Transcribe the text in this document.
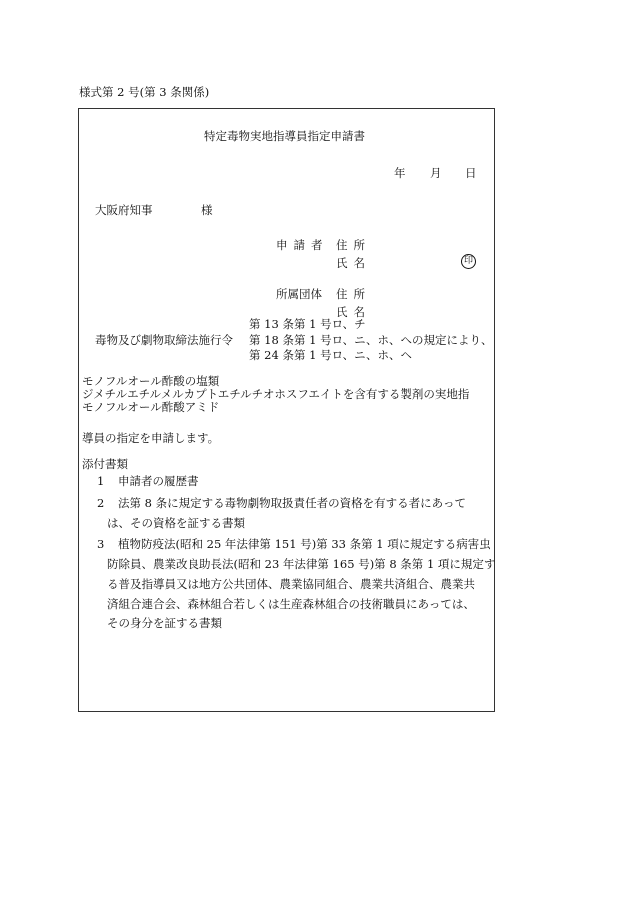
様式第 2 号(第 3 条関係)
特定毒物実地指導員指定申請書
年 月 日
大阪府知事	様
申請者 住所
氏名	印
所属団体 住所
氏名
毒物及び劇物取締法施行令
第 13 条第 1 号ロ、チ
第 18 条第 1 号ロ、ニ、ホ、への規定により、
第 24 条第 1 号ロ、ニ、ホ、ヘ
モノフルオール酢酸の塩類
ジメチルエチルメルカプトエチルチオホスフエイトを含有する製剤の実地指
モノフルオール酢酸アミド
導員の指定を申請します。
添付書類
1 申請者の履歴書
2 法第 8 条に規定する毒物劇物取扱責任者の資格を有する者にあって
は、その資格を証する書類
3 植物防疫法(昭和 25 年法律第 151 号)第 33 条第 1 項に規定する病害虫
防除員、農業改良助長法(昭和 23 年法律第 165 号)第 8 条第 1 項に規定す
る普及指導員又は地方公共団体、農業協同組合、農業共済組合、農業共
済組合連合会、森林組合若しくは生産森林組合の技術職員にあっては、
その身分を証する書類
